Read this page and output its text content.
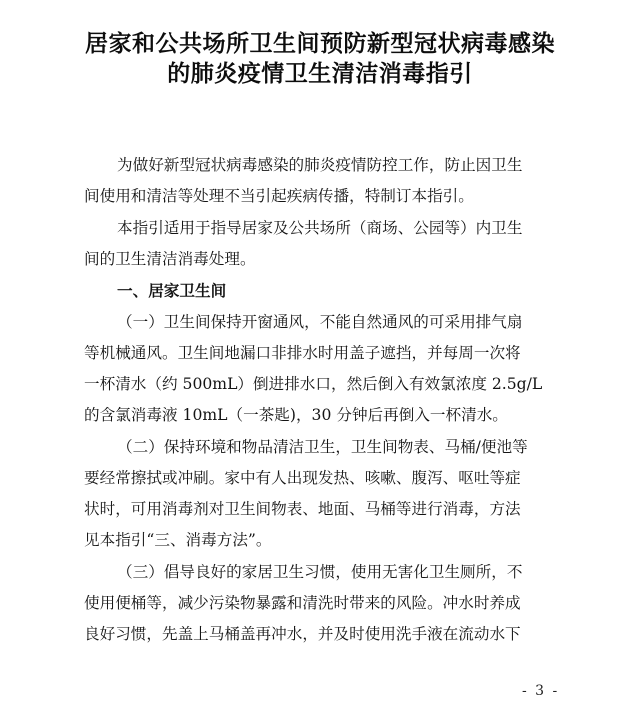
居家和公共场所卫生间预防新型冠状病毒感染
的肺炎疫情卫生清洁消毒指引
为做好新型冠状病毒感染的肺炎疫情防控工作，防止因卫生
间使用和清洁等处理不当引起疾病传播，特制订本指引。
本指引适用于指导居家及公共场所（商场、公园等）内卫生
间的卫生清洁消毒处理。
一、居家卫生间
（一）卫生间保持开窗通风，不能自然通风的可采用排气扇
等机械通风。卫生间地漏口非排水时用盖子遮挡，并每周一次将
一杯清水（约 500mL）倒进排水口，然后倒入有效氯浓度 2.5g/L
的含氯消毒液 10mL（一茶匙)，30 分钟后再倒入一杯清水。
（二）保持环境和物品清洁卫生，卫生间物表、马桶/便池等
要经常擦拭或冲刷。家中有人出现发热、咳嗽、腹泻、呕吐等症
状时，可用消毒剂对卫生间物表、地面、马桶等进行消毒，方法
见本指引“三、消毒方法”。
（三）倡导良好的家居卫生习惯，使用无害化卫生厕所，不
使用便桶等，减少污染物暴露和清洗时带来的风险。冲水时养成
良好习惯，先盖上马桶盖再冲水，并及时使用洗手液在流动水下
- 3 -
